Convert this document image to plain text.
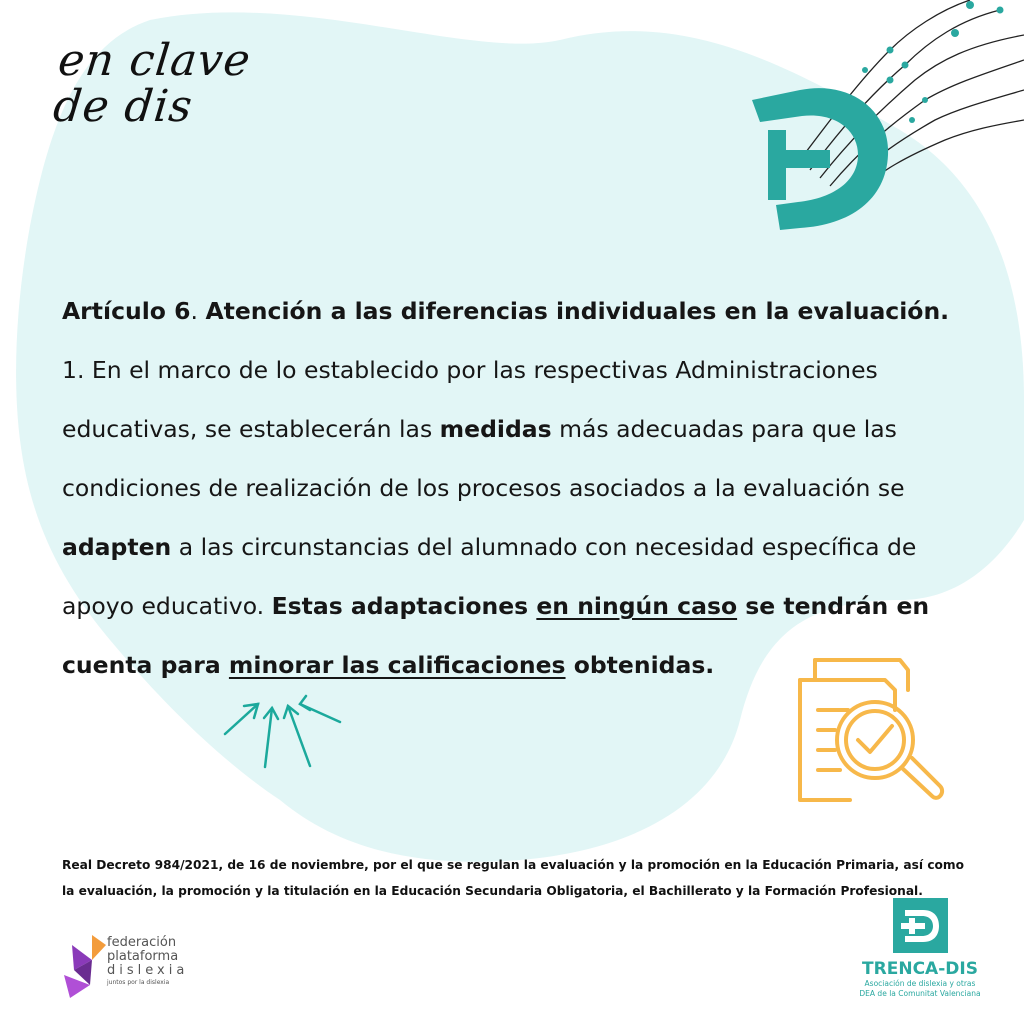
en clave
de dis
Artículo 6. Atención a las diferencias individuales en la evaluación.
1. En el marco de lo establecido por las respectivas Administraciones educativas, se establecerán las medidas más adecuadas para que las condiciones de realización de los procesos asociados a la evaluación se adapten a las circunstancias del alumnado con necesidad específica de apoyo educativo. Estas adaptaciones en ningún caso se tendrán en cuenta para minorar las calificaciones obtenidas.
Real Decreto 984/2021, de 16 de noviembre, por el que se regulan la evaluación y la promoción en la Educación Primaria, así como la evaluación, la promoción y la titulación en la Educación Secundaria Obligatoria, el Bachillerato y la Formación Profesional.
federación
plataforma
dislexia
juntos por la dislexia
TRENCA-DIS
Asociación de dislexia y otras
DEA de la Comunitat Valenciana
